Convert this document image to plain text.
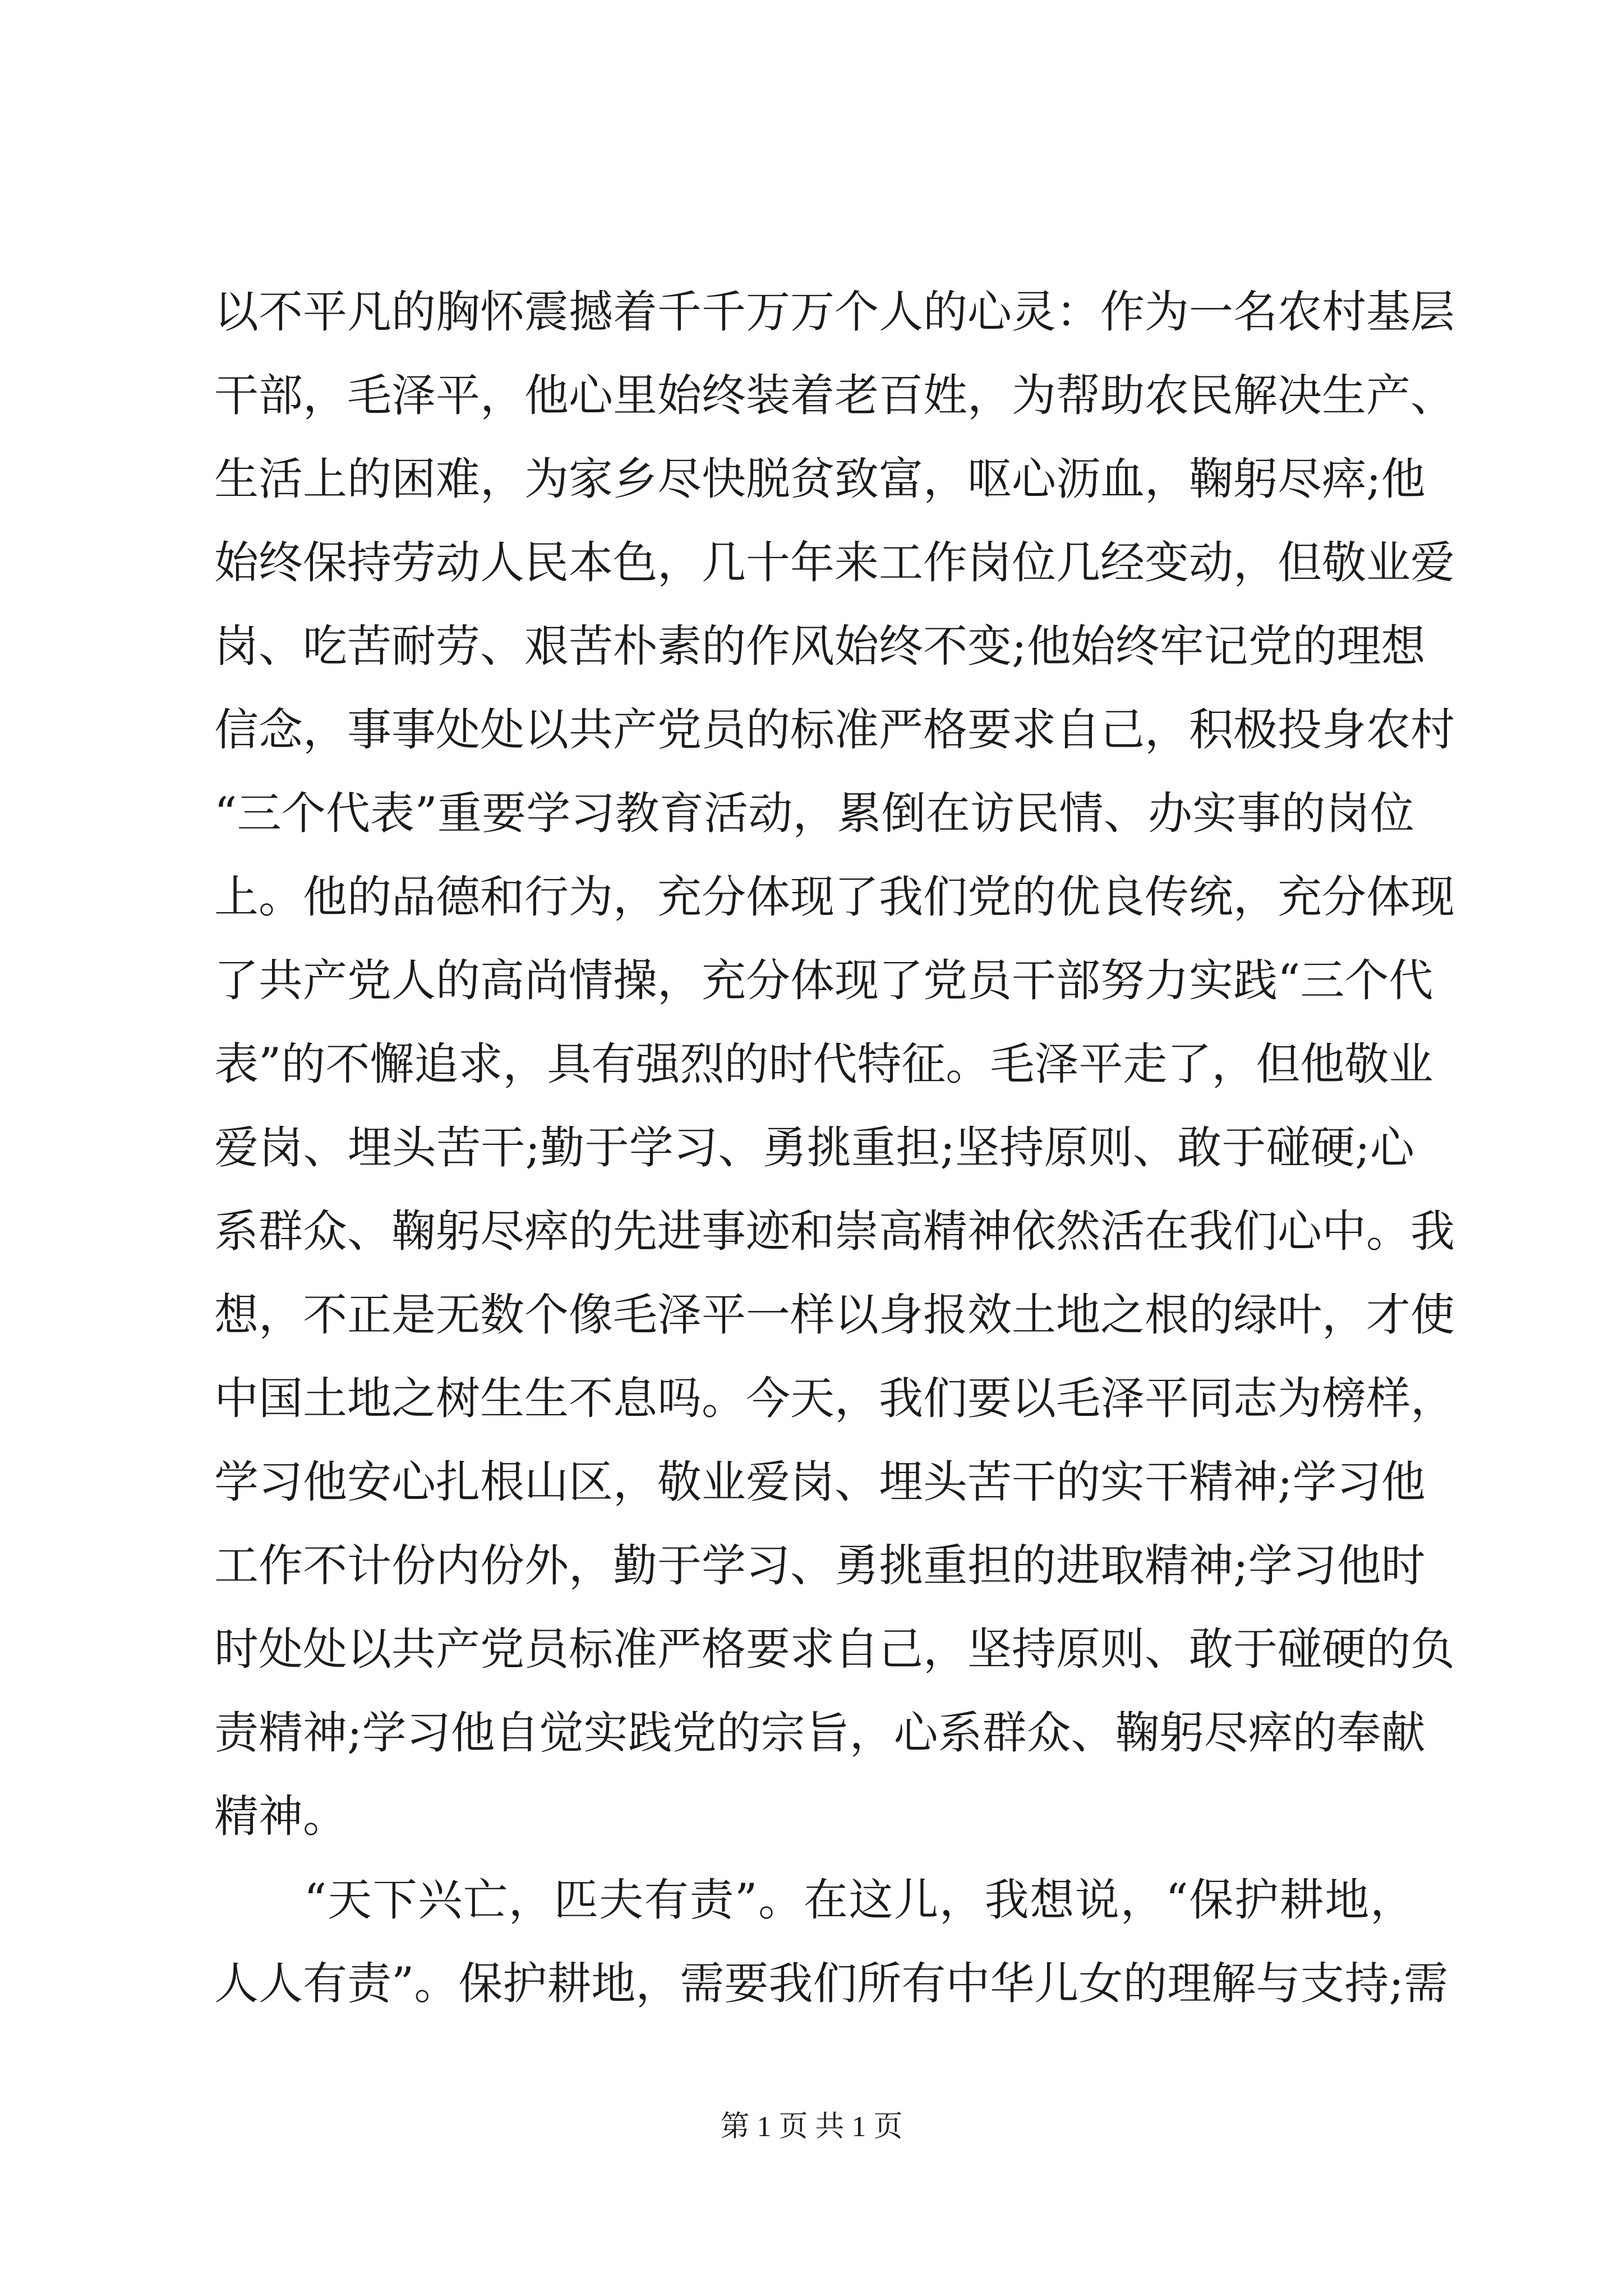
以不平凡的胸怀震撼着千千万万个人的心灵：作为一名农村基层
干部，毛泽平，他心里始终装着老百姓，为帮助农民解决生产、
生活上的困难，为家乡尽快脱贫致富，呕心沥血，鞠躬尽瘁;他
始终保持劳动人民本色，几十年来工作岗位几经变动，但敬业爱
岗、吃苦耐劳、艰苦朴素的作风始终不变;他始终牢记党的理想
信念，事事处处以共产党员的标准严格要求自己，积极投身农村
“三个代表”重要学习教育活动，累倒在访民情、办实事的岗位
上。他的品德和行为，充分体现了我们党的优良传统，充分体现
了共产党人的高尚情操，充分体现了党员干部努力实践“三个代
表”的不懈追求，具有强烈的时代特征。毛泽平走了，但他敬业
爱岗、埋头苦干;勤于学习、勇挑重担;坚持原则、敢于碰硬;心
系群众、鞠躬尽瘁的先进事迹和崇高精神依然活在我们心中。我
想，不正是无数个像毛泽平一样以身报效土地之根的绿叶，才使
中国土地之树生生不息吗。今天，我们要以毛泽平同志为榜样，
学习他安心扎根山区，敬业爱岗、埋头苦干的实干精神;学习他
工作不计份内份外，勤于学习、勇挑重担的进取精神;学习他时
时处处以共产党员标准严格要求自己，坚持原则、敢于碰硬的负
责精神;学习他自觉实践党的宗旨，心系群众、鞠躬尽瘁的奉献
精神。
“天下兴亡，匹夫有责”。在这儿，我想说，“保护耕地，
人人有责”。保护耕地，需要我们所有中华儿女的理解与支持;需
第 1 页 共 1 页
